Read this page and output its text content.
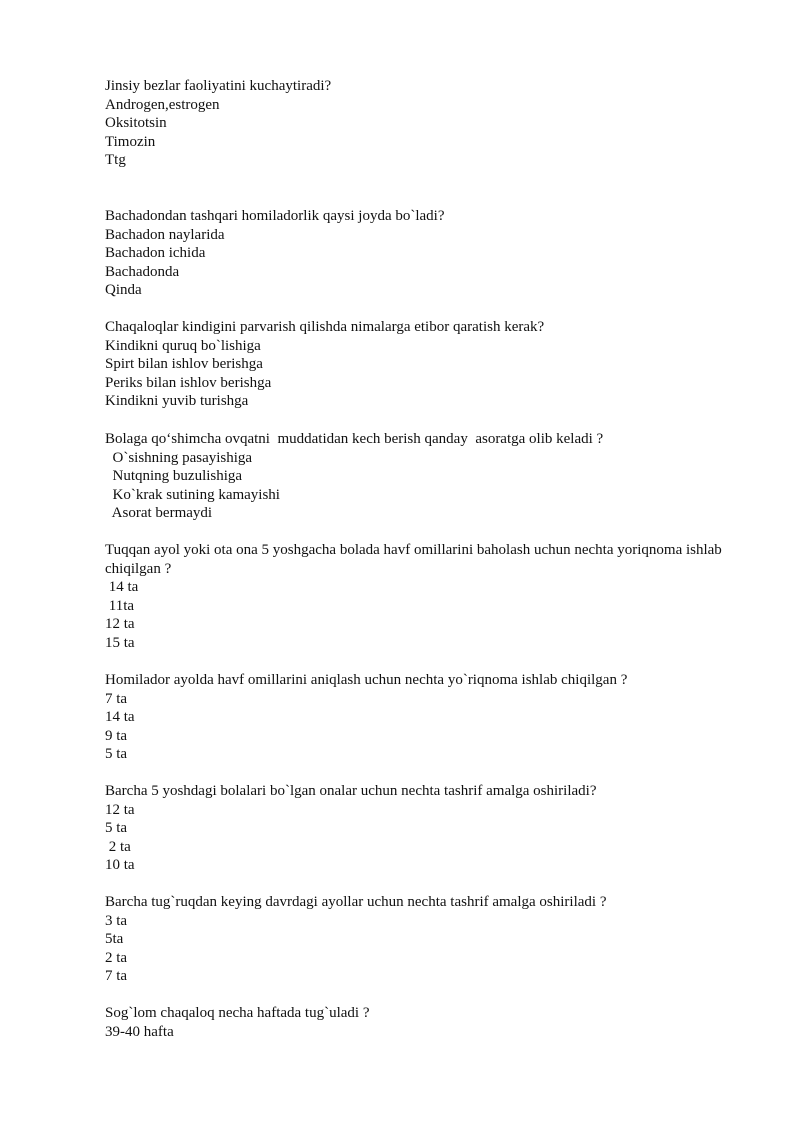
Jinsiy bezlar faoliyatini kuchaytiradi?
Androgen,estrogen
Oksitotsin
Timozin
Ttg
Bachadondan tashqari homiladorlik qaysi joyda bo`ladi?
Bachadon naylarida
Bachadon ichida
Bachadonda
Qinda
Chaqaloqlar kindigini parvarish qilishda nimalarga etibor qaratish kerak?
Kindikni quruq bo`lishiga
Spirt bilan ishlov berishga
Periks bilan ishlov berishga
Kindikni yuvib turishga
Bolaga qo‘shimcha ovqatni  muddatidan kech berish qanday  asoratga olib keladi ?
O`sishning pasayishiga
Nutqning buzulishiga
Ko`krak sutining kamayishi
Asorat bermaydi
Tuqqan ayol yoki ota ona 5 yoshgacha bolada havf omillarini baholash uchun nechta yoriqnoma ishlab chiqilgan ?
14 ta
11ta
12 ta
15 ta
Homilador ayolda havf omillarini aniqlash uchun nechta yo`riqnoma ishlab chiqilgan ?
7 ta
14 ta
9 ta
5 ta
Barcha 5 yoshdagi bolalari bo`lgan onalar uchun nechta tashrif amalga oshiriladi?
12 ta
5 ta
2 ta
10 ta
Barcha tug`ruqdan keying davrdagi ayollar uchun nechta tashrif amalga oshiriladi ?
3 ta
5ta
2 ta
7 ta
Sog`lom chaqaloq necha haftada tug`uladi ?
39-40 hafta
